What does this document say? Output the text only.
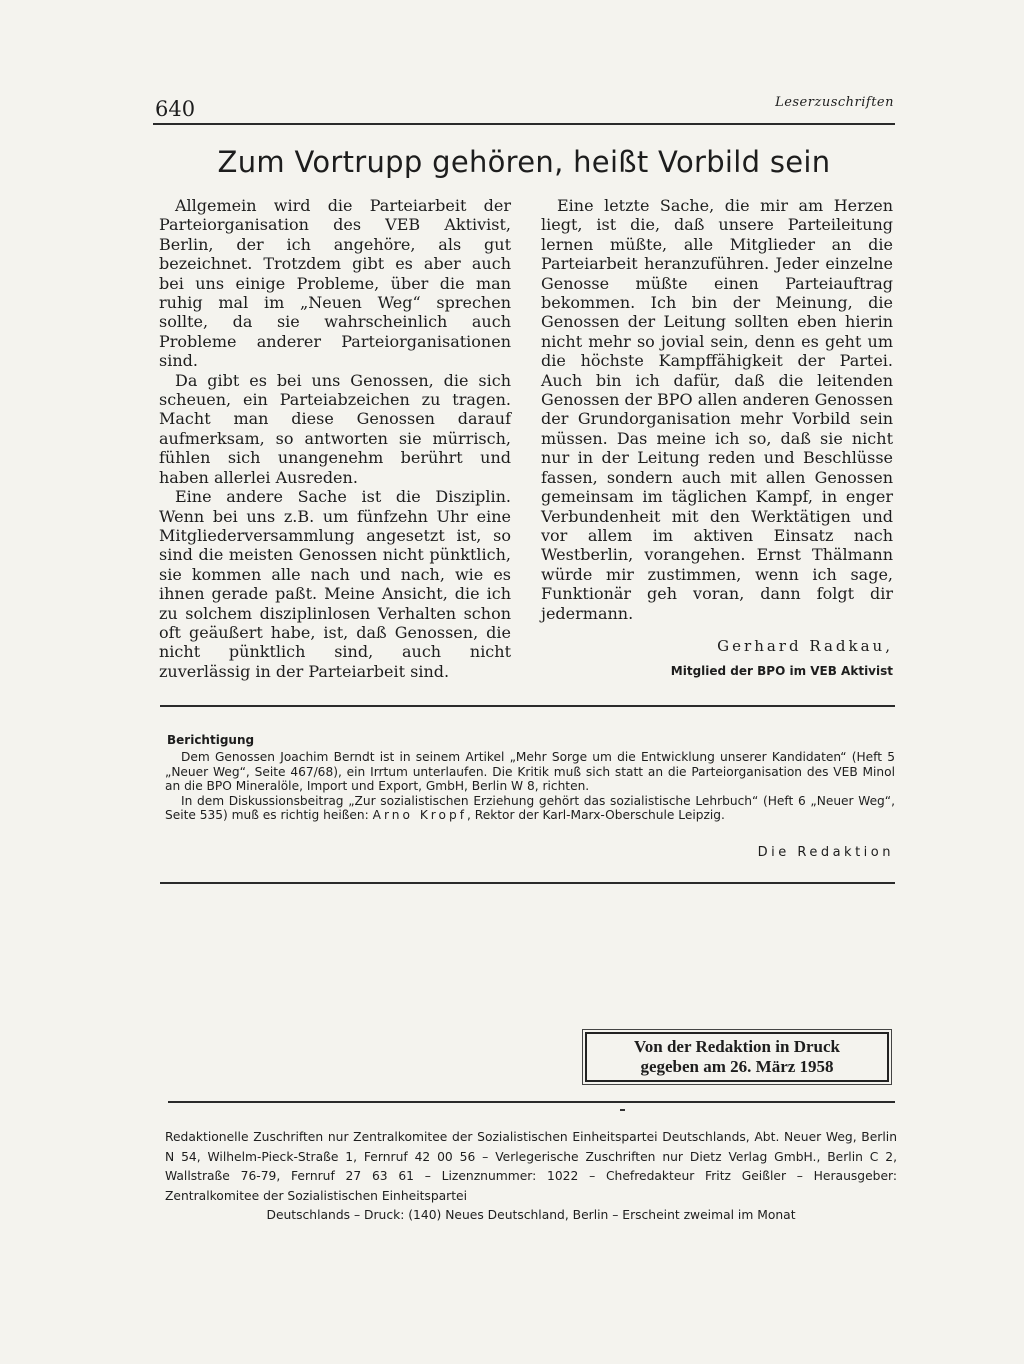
640	Leserzuschriften
Zum Vortrupp gehören, heißt Vorbild sein

Allgemein wird die Parteiarbeit der Parteiorganisation des VEB Aktivist, Berlin, der ich angehöre, als gut bezeichnet. Trotzdem gibt es aber auch bei uns einige Probleme, über die man ruhig mal im „Neuen Weg“ sprechen sollte, da sie wahrscheinlich auch Probleme anderer Parteiorganisationen sind.

Da gibt es bei uns Genossen, die sich scheuen, ein Parteiabzeichen zu tragen. Macht man diese Genossen darauf aufmerksam, so antworten sie mürrisch, fühlen sich unangenehm berührt und haben allerlei Ausreden.

Eine andere Sache ist die Disziplin. Wenn bei uns z.B. um fünfzehn Uhr eine Mitgliederversammlung angesetzt ist, so sind die meisten Genossen nicht pünktlich, sie kommen alle nach und nach, wie es ihnen gerade paßt. Meine Ansicht, die ich zu solchem disziplinlosen Verhalten schon oft geäußert habe, ist, daß Genossen, die nicht pünktlich sind, auch nicht zuverlässig in der Parteiarbeit sind.

Eine letzte Sache, die mir am Herzen liegt, ist die, daß unsere Parteileitung lernen müßte, alle Mitglieder an die Parteiarbeit heranzuführen. Jeder einzelne Genosse müßte einen Parteiauftrag bekommen. Ich bin der Meinung, die Genossen der Leitung sollten eben hierin nicht mehr so jovial sein, denn es geht um die höchste Kampffähigkeit der Partei. Auch bin ich dafür, daß die leitenden Genossen der BPO allen anderen Genossen der Grundorganisation mehr Vorbild sein müssen. Das meine ich so, daß sie nicht nur in der Leitung reden und Beschlüsse fassen, sondern auch mit allen Genossen gemeinsam im täglichen Kampf, in enger Verbundenheit mit den Werktätigen und vor allem im aktiven Einsatz nach Westberlin, vorangehen. Ernst Thälmann würde mir zustimmen, wenn ich sage, Funktionär geh voran, dann folgt dir jedermann.

Gerhard Radkau,
Mitglied der BPO im VEB Aktivist
Berichtigung

Dem Genossen Joachim Berndt ist in seinem Artikel „Mehr Sorge um die Entwicklung unserer Kandidaten“ (Heft 5 „Neuer Weg“, Seite 467/68), ein Irrtum unterlaufen. Die Kritik muß sich statt an die Parteiorganisation des VEB Minol an die BPO Mineralöle, Import und Export, GmbH, Berlin W 8, richten.

In dem Diskussionsbeitrag „Zur sozialistischen Erziehung gehört das sozialistische Lehrbuch“ (Heft 6 „Neuer Weg“, Seite 535) muß es richtig heißen: Arno Kropf, Rektor der Karl-Marx-Oberschule Leipzig.

Die Redaktion
Von der Redaktion in Druck
gegeben am 26. März 1958
Redaktionelle Zuschriften nur Zentralkomitee der Sozialistischen Einheitspartei Deutschlands, Abt. Neuer Weg, Berlin N 54, Wilhelm-Pieck-Straße 1, Fernruf 42 00 56 – Verlegerische Zuschriften nur Dietz Verlag GmbH., Berlin C 2, Wallstraße 76-79, Fernruf 27 63 61 – Lizenznummer: 1022 – Chefredakteur Fritz Geißler – Herausgeber: Zentralkomitee der Sozialistischen Einheitspartei
Deutschlands – Druck: (140) Neues Deutschland, Berlin – Erscheint zweimal im Monat
